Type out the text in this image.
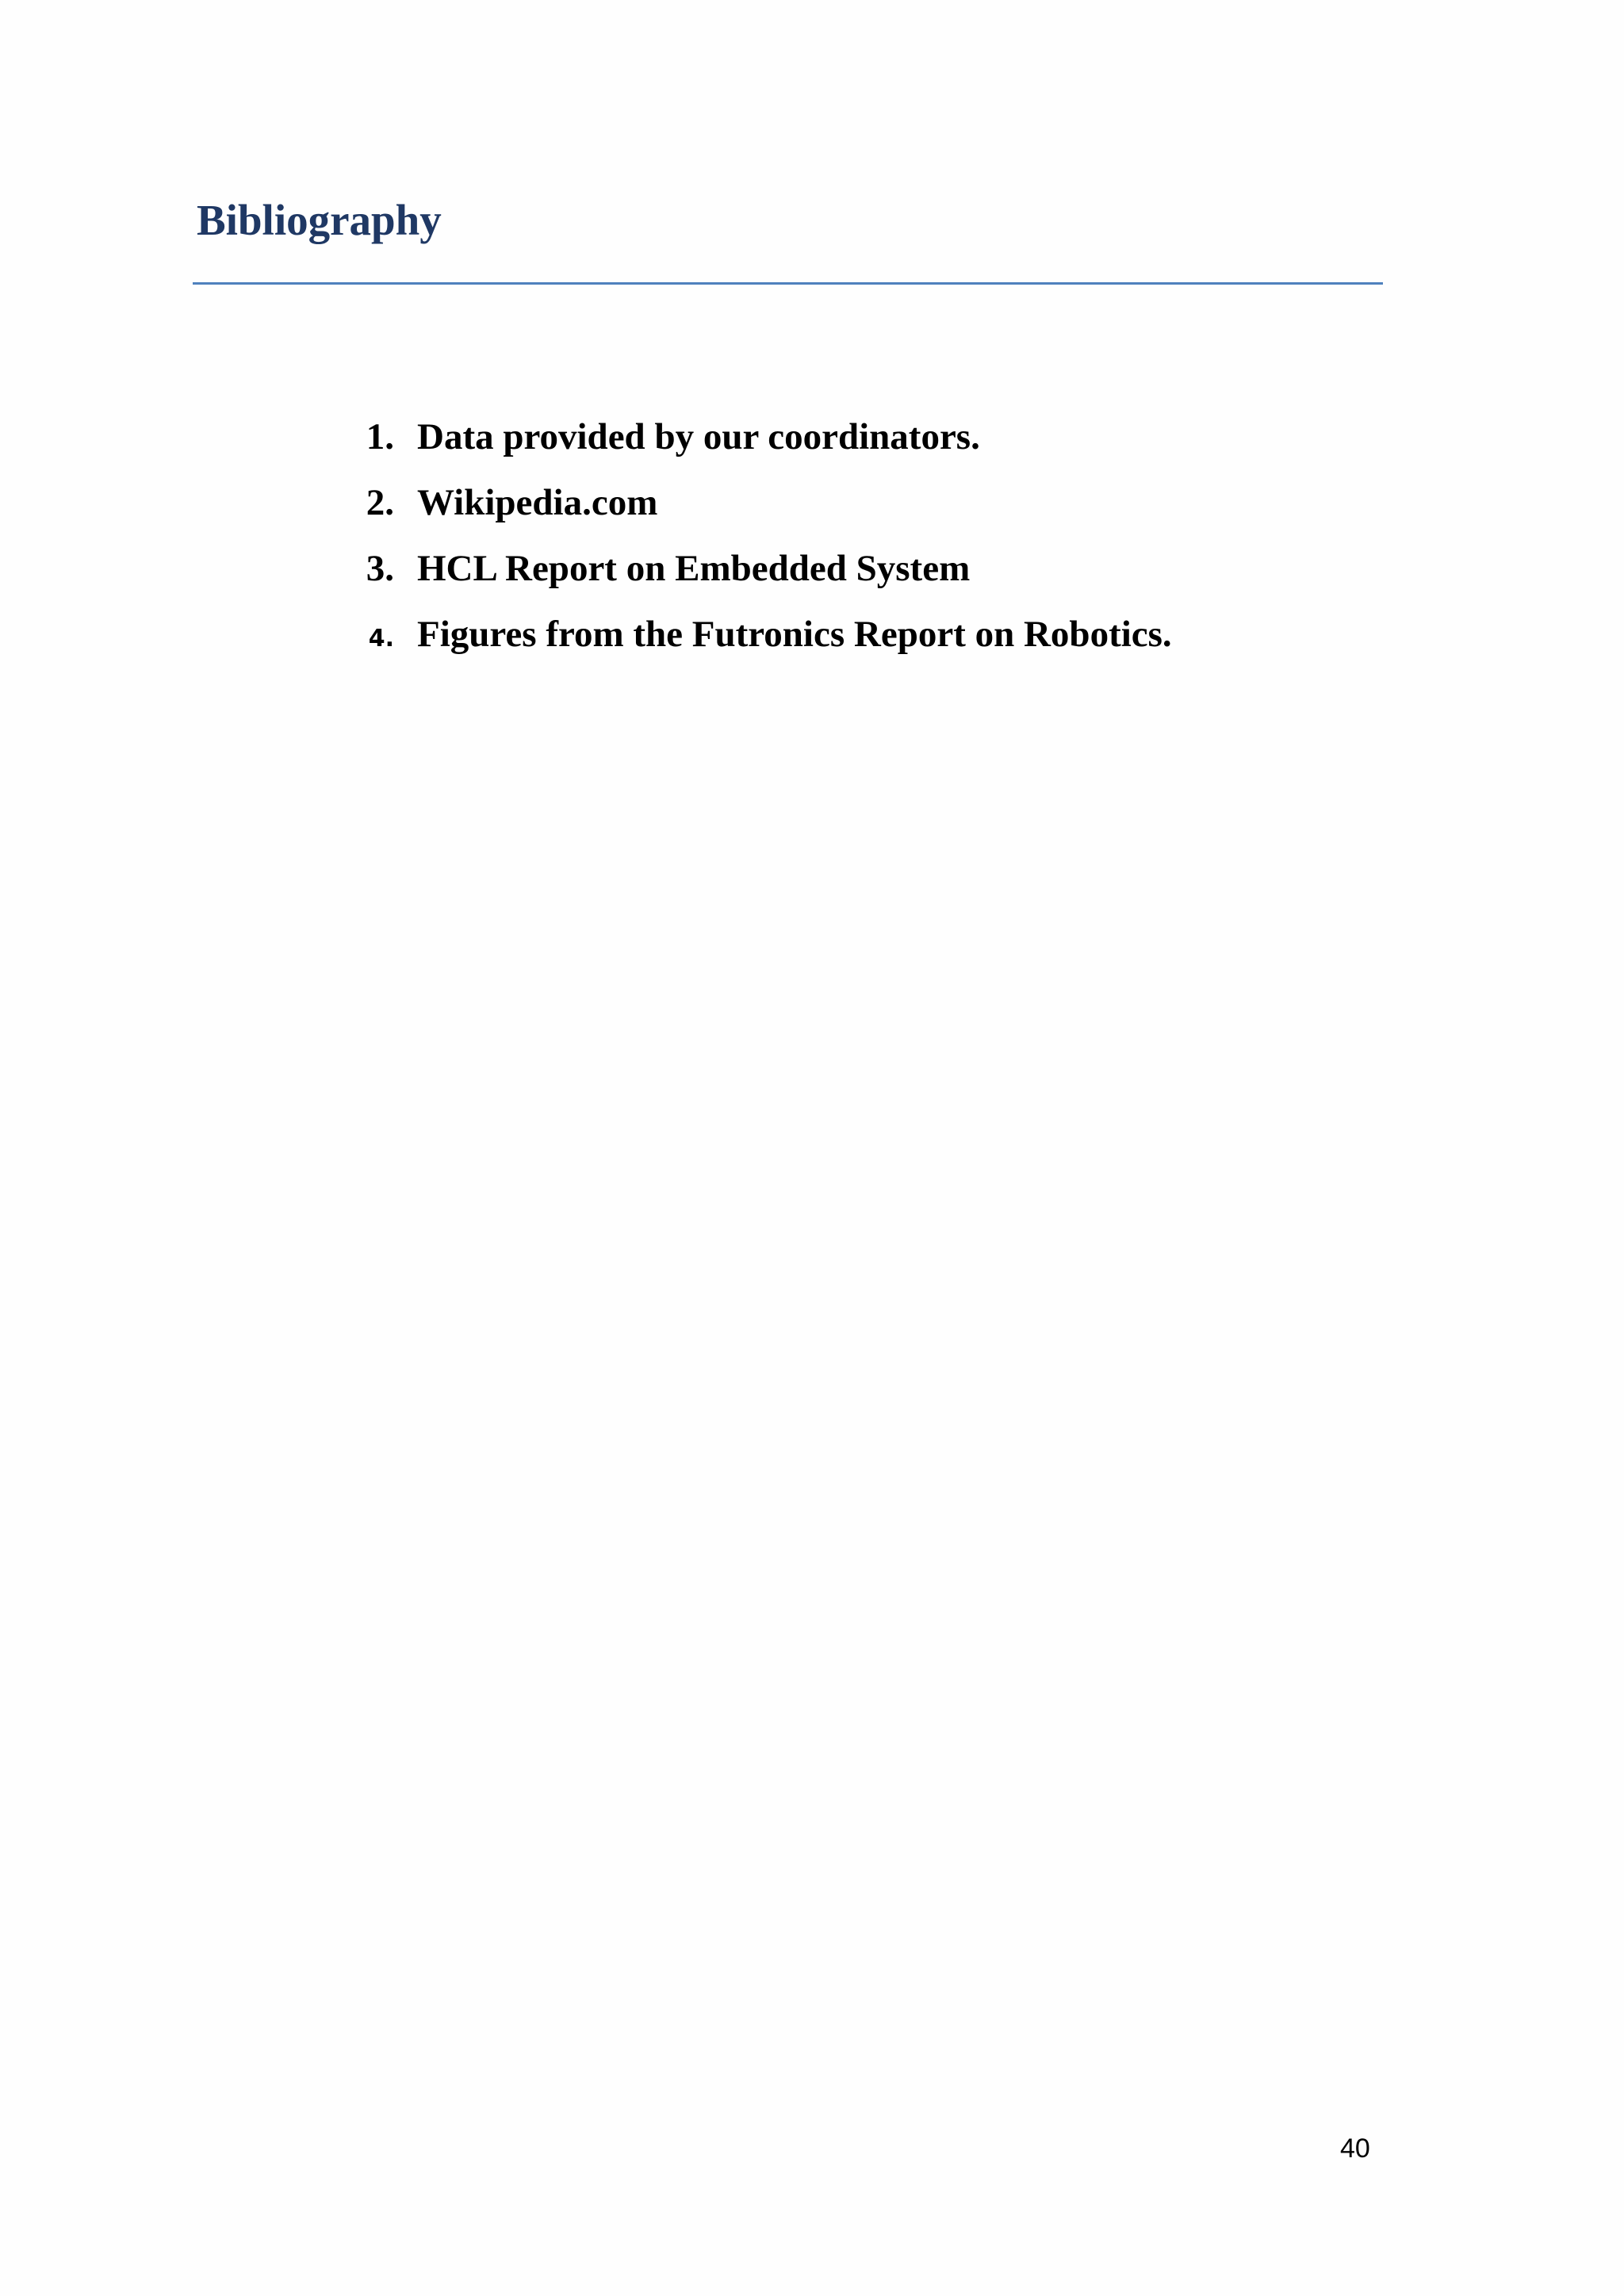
Bibliography
1. Data provided by our coordinators.
2. Wikipedia.com
3. HCL Report on Embedded System
4. Figures from the Futronics Report on Robotics.
40
